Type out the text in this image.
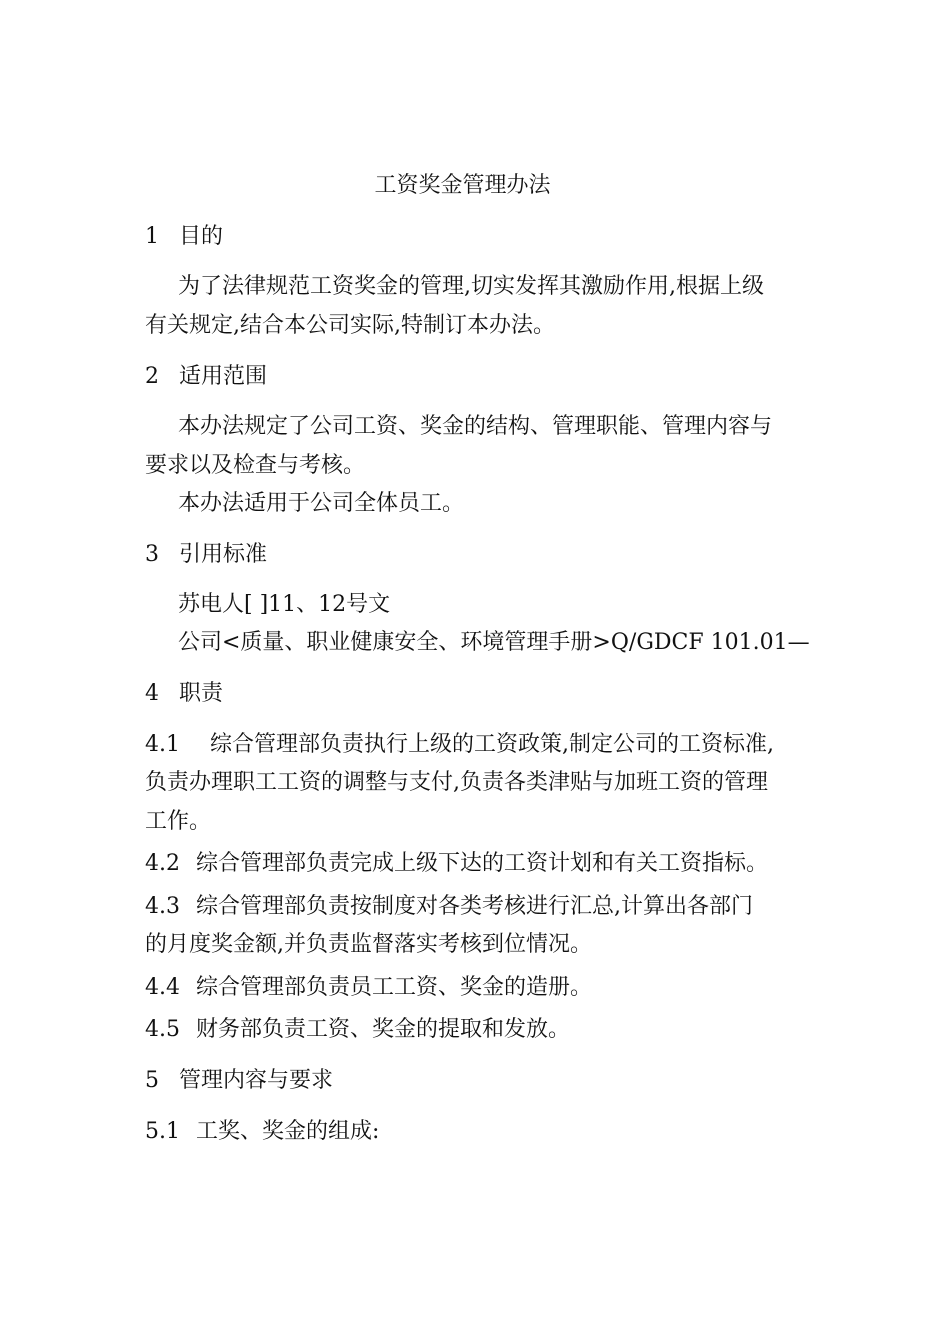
工资奖金管理办法
1 目的
为了法律规范工资奖金的管理,切实发挥其激励作用,根据上级
有关规定,结合本公司实际,特制订本办法。
2 适用范围
本办法规定了公司工资、奖金的结构、管理职能、管理内容与
要求以及检查与考核。
本办法适用于公司全体员工。
3 引用标准
苏电人[ ]11、12号文
公司<质量、职业健康安全、环境管理手册>Q/GDCF 101.01—
4 职责
4.1 综合管理部负责执行上级的工资政策,制定公司的工资标准,
负责办理职工工资的调整与支付,负责各类津贴与加班工资的管理
工作。
4.2 综合管理部负责完成上级下达的工资计划和有关工资指标。
4.3 综合管理部负责按制度对各类考核进行汇总,计算出各部门
的月度奖金额,并负责监督落实考核到位情况。
4.4 综合管理部负责员工工资、奖金的造册。
4.5 财务部负责工资、奖金的提取和发放。
5 管理内容与要求
5.1 工奖、奖金的组成:
